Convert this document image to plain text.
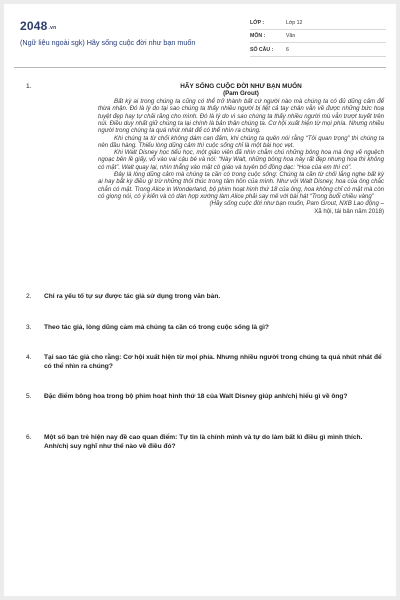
2048.vn
(Ngữ liệu ngoài sgk) Hãy sống cuộc đời như bạn muốn
LỚP :	Lớp 12
MÔN :	Văn
SỐ CÂU : 6
1.	HÃY SỐNG CUỘC ĐỜI NHƯ BẠN MUỐN
(Pam Grout)

Bất kỳ ai trong chúng ta cũng có thể trở thành bất cứ người nào mà chúng ta có đủ dũng cảm để thừa nhận. Đó là lý do tại sao chúng ta thấy nhiều người bị liệt cả tay chân vẫn về được những bức hoạ tuyệt đẹp hay tự chải răng cho mình. Đó là lý do vì sao chúng ta thấy nhiều người mù vẫn trượt tuyết trên núi. Điều duy nhất giữ chúng ta lại chính là bản thân chúng ta. Cơ hội xuất hiện từ mọi phía. Nhưng nhiều người trong chúng ta quá nhút nhát để có thể nhìn ra chúng.

Khi chúng ta từ chối không dám can đảm, khi chúng ta quên nói rằng “Tôi quan trọng” thì chúng ta nên đầu hàng. Thiếu lòng dũng cảm thì cuộc sống chỉ là một bài học vẹt.

Khi Walt Disney học tiểu học, một giáo viên đã nhìn chằm chú những bông hoa mà ông vẽ nguệch ngoạc bên lề giấy, vỗ vào vai cậu bé và nói: “Này Walt, những bông hoa này rất đẹp nhưng hoa thì không có mặt”. Walt quay lại, nhìn thẳng vào mặt cô giáo và tuyên bố đồng dạc: “Hoa của em thì có”.

Đây là lòng dũng cảm mà chúng ta cần có trong cuộc sống: Chúng ta cần từ chối lắng nghe bất kỳ ai hay bất kỳ điều gì trừ những thôi thúc trong tâm hồn của mình. Như với Walt Disney, hoa của ông chắc chắn có mặt. Trong Alice in Wonderland, bộ phim hoạt hình thứ 18 của ông, hoa không chỉ có mặt mà còn có giọng nói, có ý kiến và có dàn hợp xướng làm Alice phải say mê với bài hát “Trong buổi chiều vàng”

(Hãy sống cuộc đời như bạn muốn, Pam Grout, NXB Lao động –
Xã hội, tái bản năm 2018)
2. Chỉ ra yếu tố tự sự được tác giả sử dụng trong văn bản.
3. Theo tác giả, lòng dũng cảm mà chúng ta cần có trong cuộc sống là gì?
4. Tại sao tác giả cho rằng: Cơ hội xuất hiện từ mọi phía. Nhưng nhiều người trong chúng ta quá nhút nhát để có thể nhìn ra chúng?
5. Đặc điểm bông hoa trong bộ phim hoạt hình thứ 18 của Walt Disney giúp anh/chị hiểu gì về ông?
6. Một số bạn trẻ hiện nay đề cao quan điểm: Tự tin là chính mình và tự do làm bất kì điều gì mình thích. Anh/chị suy nghĩ như thế nào về điều đó?
